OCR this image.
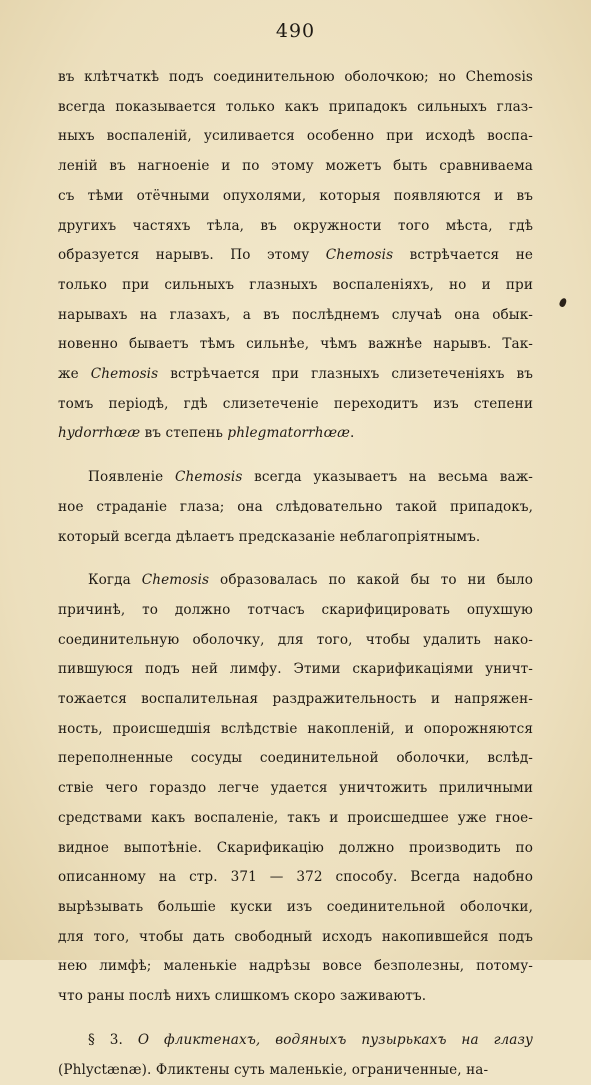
490
въ клѣтчаткѣ подъ соединительною оболочкою; но Chemosis
всегда показывается только какъ припадокъ сильныхъ глаз-
ныхъ воспаленій, усиливается особенно при исходѣ воспа-
леній въ нагноеніе и по этому можетъ быть сравниваема
съ тѣми отёчными опухолями, которыя появляются и въ
другихъ частяхъ тѣла, въ окружности того мѣста, гдѣ
образуется нарывъ. По этому Chemosis встрѣчается не
только при сильныхъ глазныхъ воспаленіяхъ, но и при
нарывахъ на глазахъ, а въ послѣднемъ случаѣ она обык-
новенно бываетъ тѣмъ сильнѣе, чѣмъ важнѣе нарывъ. Так-
же Chemosis встрѣчается при глазныхъ слизетеченіяхъ въ
томъ періодѣ, гдѣ слизетеченіе переходитъ изъ степени
hydorrhœæ въ степень phlegmatorrhœæ.
Появленіе Chemosis всегда указываетъ на весьма важ-
ное страданіе глаза; она слѣдовательно такой припадокъ,
который всегда дѣлаетъ предсказаніе неблагопріятнымъ.
Когда Chemosis образовалась по какой бы то ни было
причинѣ, то должно тотчасъ скарифицировать опухшую
соединительную оболочку, для того, чтобы удалить нако-
пившуюся подъ ней лимфу. Этими скарификаціями уничт-
тожается воспалительная раздражительность и напряжен-
ность, происшедшія вслѣдствіе накопленій, и опорожняются
переполненные сосуды соединительной оболочки, вслѣд-
ствіе чего гораздо легче удается уничтожить приличными
средствами какъ воспаленіе, такъ и происшедшее уже гное-
видное выпотѣніе. Скарификацію должно производить по
описанному на стр. 371 — 372 способу. Всегда надобно
вырѣзывать большіе куски изъ соединительной оболочки,
для того, чтобы дать свободный исходъ накопившейся подъ
нею лимфѣ; маленькіе надрѣзы вовсе безполезны, потому-
что раны послѣ нихъ слишкомъ скоро заживаютъ.
§ 3. О фликтенахъ, водяныхъ пузырькахъ на глазу
(Phlyctænæ). Фликтены суть маленькіе, ограниченные, на-
